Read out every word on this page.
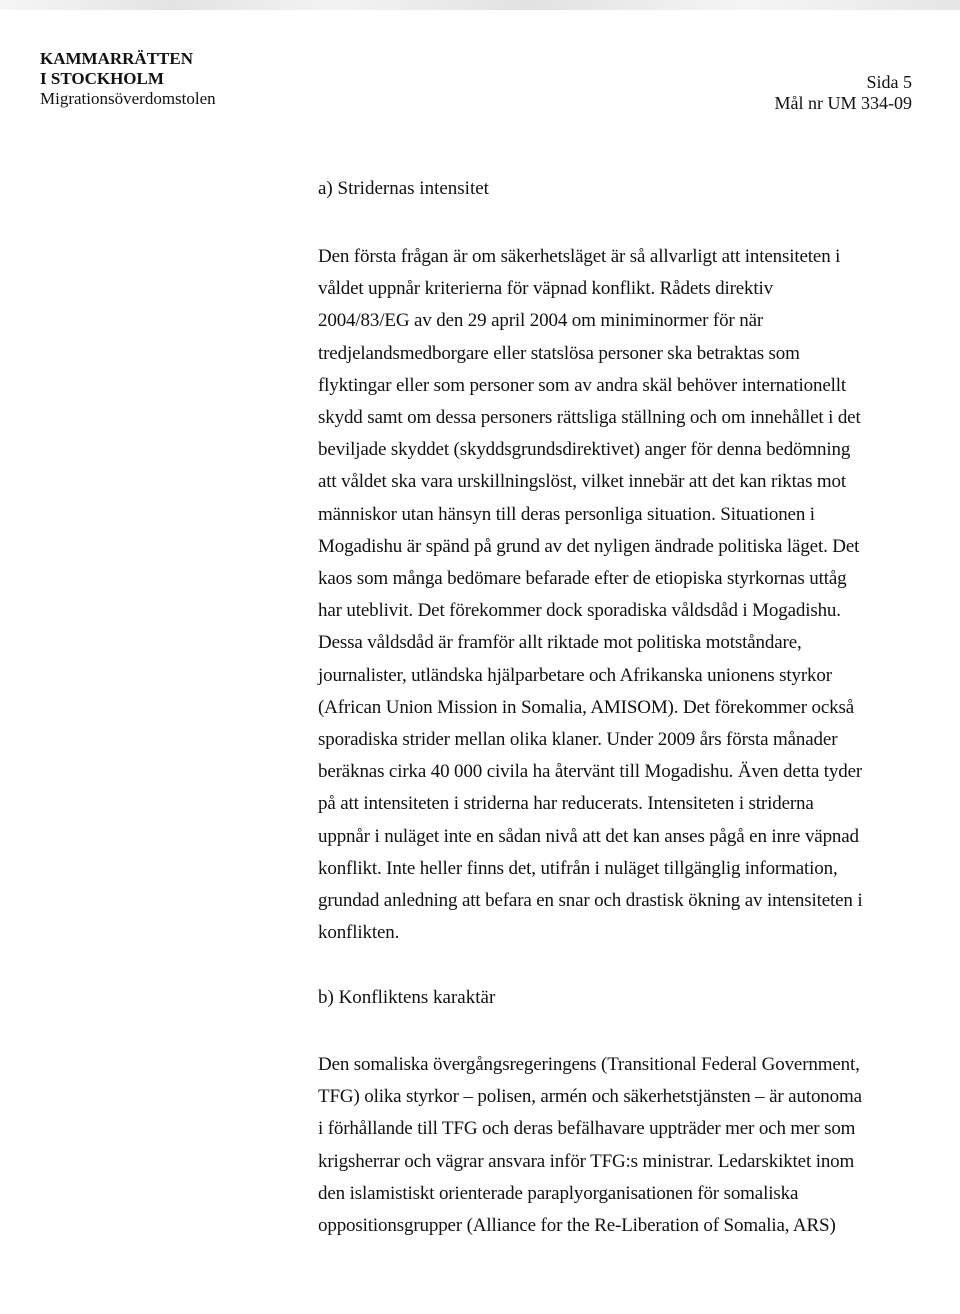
KAMMARRÄTTEN
I STOCKHOLM
Migrationsöverdomstolen
Sida 5
Mål nr UM 334-09
a) Stridernas intensitet
Den första frågan är om säkerhetsläget är så allvarligt att intensiteten i
våldet uppnår kriterierna för väpnad konflikt. Rådets direktiv
2004/83/EG av den 29 april 2004 om miniminormer för när
tredjelandsmedborgare eller statslösa personer ska betraktas som
flyktingar eller som personer som av andra skäl behöver internationellt
skydd samt om dessa personers rättsliga ställning och om innehållet i det
beviljade skyddet (skyddsgrundsdirektivet) anger för denna bedömning
att våldet ska vara urskillningslöst, vilket innebär att det kan riktas mot
människor utan hänsyn till deras personliga situation. Situationen i
Mogadishu är spänd på grund av det nyligen ändrade politiska läget. Det
kaos som många bedömare befarade efter de etiopiska styrkornas uttåg
har uteblivit. Det förekommer dock sporadiska våldsdåd i Mogadishu.
Dessa våldsdåd är framför allt riktade mot politiska motståndare,
journalister, utländska hjälparbetare och Afrikanska unionens styrkor
(African Union Mission in Somalia, AMISOM). Det förekommer också
sporadiska strider mellan olika klaner. Under 2009 års första månader
beräknas cirka 40 000 civila ha återvänt till Mogadishu. Även detta tyder
på att intensiteten i striderna har reducerats. Intensiteten i striderna
uppnår i nuläget inte en sådan nivå att det kan anses pågå en inre väpnad
konflikt. Inte heller finns det, utifrån i nuläget tillgänglig information,
grundad anledning att befara en snar och drastisk ökning av intensiteten i
konflikten.
b) Konfliktens karaktär
Den somaliska övergångsregeringens (Transitional Federal Government,
TFG) olika styrkor – polisen, armén och säkerhetstjänsten – är autonoma
i förhållande till TFG och deras befälhavare uppträder mer och mer som
krigsherrar och vägrar ansvara inför TFG:s ministrar. Ledarskiktet inom
den islamistiskt orienterade paraplyorganisationen för somaliska
oppositionsgrupper (Alliance for the Re-Liberation of Somalia, ARS)
